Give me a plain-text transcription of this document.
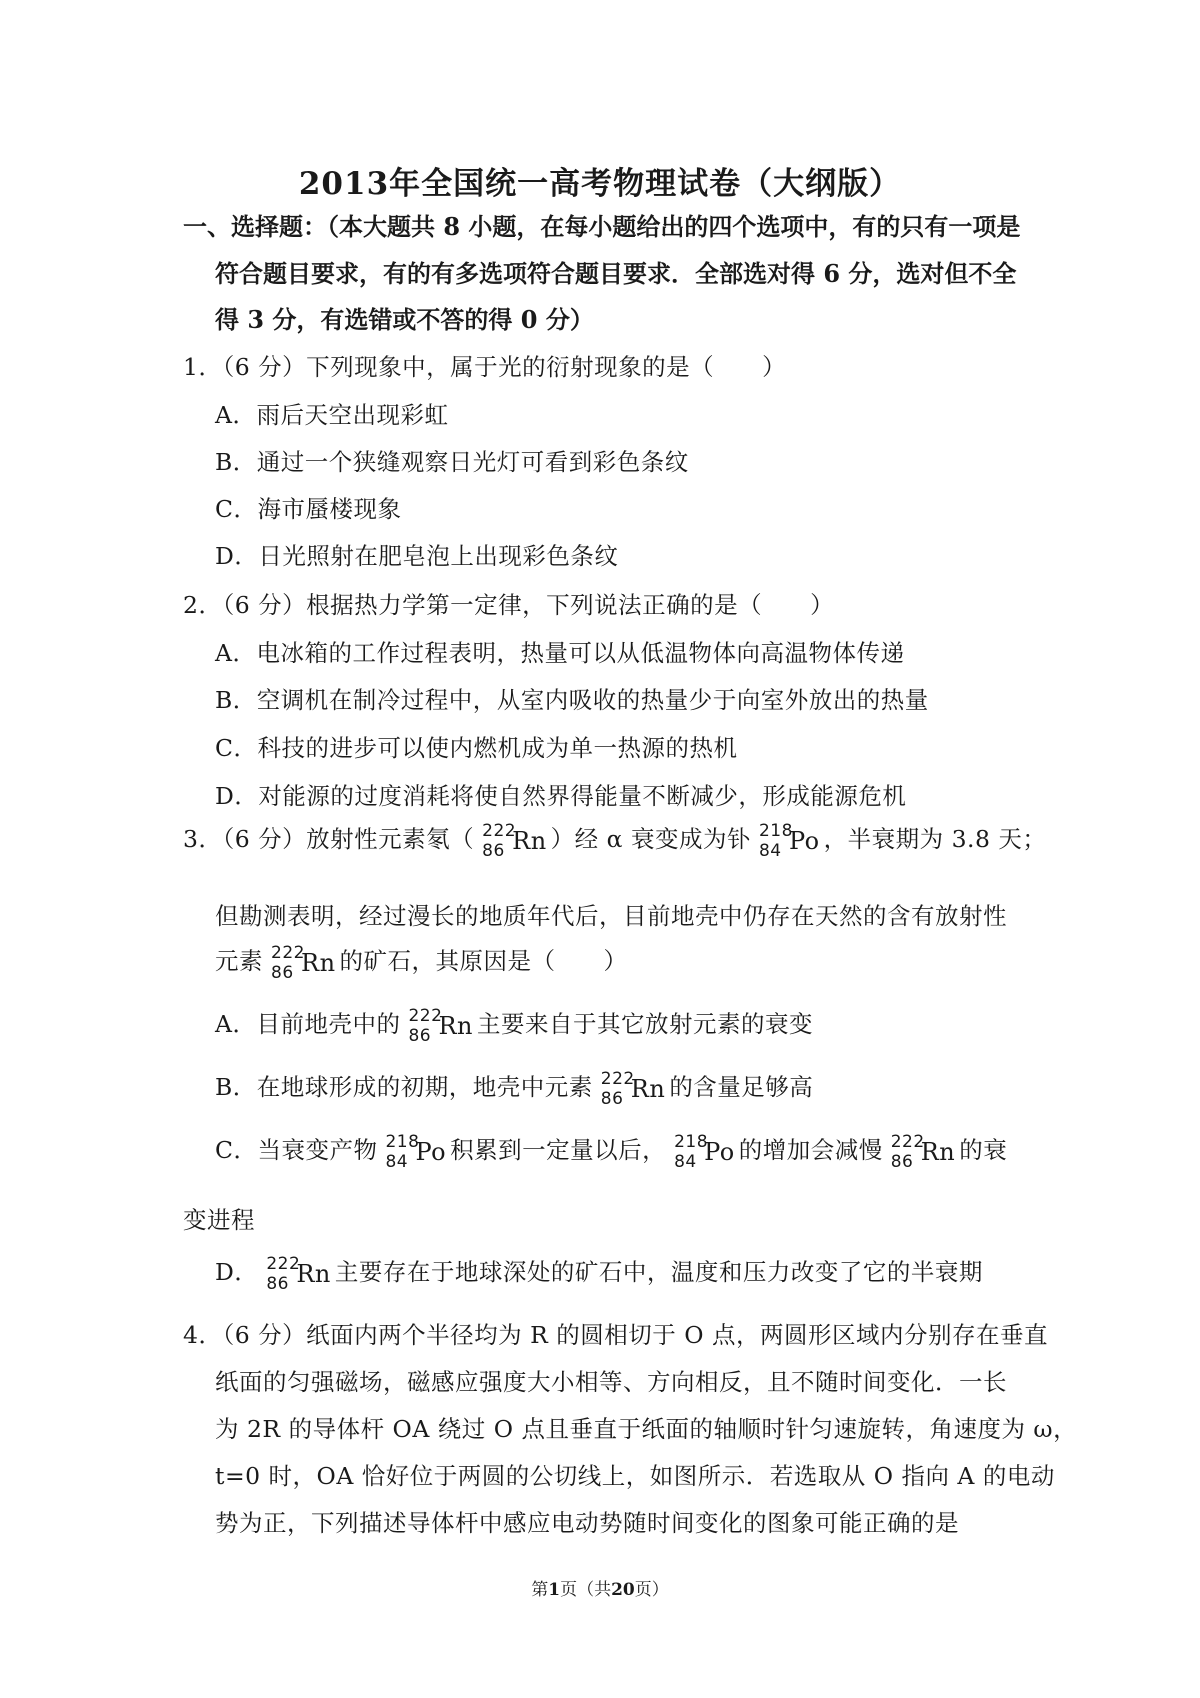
2013年全国统一高考物理试卷（大纲版）
一、选择题：（本大题共 8 小题，在每小题给出的四个选项中，有的只有一项是
符合题目要求，有的有多选项符合题目要求．全部选对得 6 分，选对但不全
得 3 分，有选错或不答的得 0 分）
1．（6 分）下列现象中，属于光的衍射现象的是（　　）
A．雨后天空出现彩虹
B．通过一个狭缝观察日光灯可看到彩色条纹
C．海市蜃楼现象
D．日光照射在肥皂泡上出现彩色条纹
2．（6 分）根据热力学第一定律，下列说法正确的是（　　）
A．电冰箱的工作过程表明，热量可以从低温物体向高温物体传递
B．空调机在制冷过程中，从室内吸收的热量少于向室外放出的热量
C．科技的进步可以使内燃机成为单一热源的热机
D．对能源的过度消耗将使自然界得能量不断减少，形成能源危机
3．（6 分）放射性元素氡（ 222
86 Rn ）经 α 衰变成为钋 218
84 Po ，半衰期为 3.8 天；
但勘测表明，经过漫长的地质年代后，目前地壳中仍存在天然的含有放射性
元素 222
86 Rn 的矿石，其原因是（　　）
A．目前地壳中的 222
86 Rn 主要来自于其它放射元素的衰变
B．在地球形成的初期，地壳中元素 222
86 Rn 的含量足够高
C．当衰变产物 218
84 Po 积累到一定量以后， 218
84 Po 的增加会减慢 222
86 Rn 的衰
变进程
D． 222
86 Rn 主要存在于地球深处的矿石中，温度和压力改变了它的半衰期
4．（6 分）纸面内两个半径均为 R 的圆相切于 O 点，两圆形区域内分别存在垂直
纸面的匀强磁场，磁感应强度大小相等、方向相反，且不随时间变化．一长
为 2R 的导体杆 OA 绕过 O 点且垂直于纸面的轴顺时针匀速旋转，角速度为 ω，
t=0 时，OA 恰好位于两圆的公切线上，如图所示．若选取从 O 指向 A 的电动
势为正，下列描述导体杆中感应电动势随时间变化的图象可能正确的是
第1页（共20页）
